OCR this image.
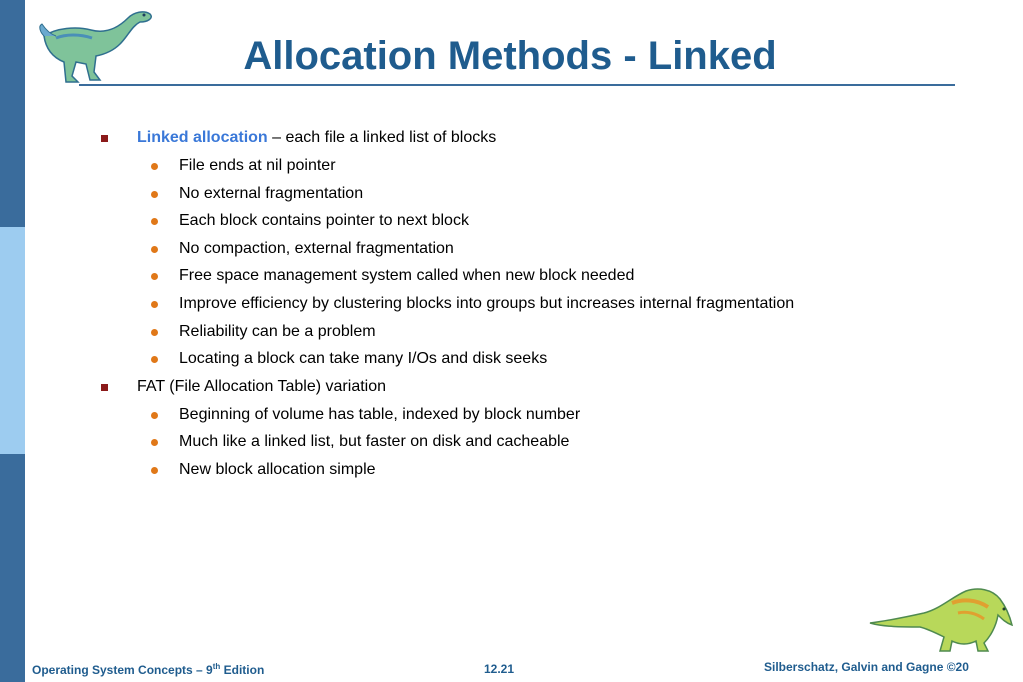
Allocation Methods - Linked
Linked allocation – each file a linked list of blocks
File ends at nil pointer
No external fragmentation
Each block contains pointer to next block
No compaction, external fragmentation
Free space management system called when new block needed
Improve efficiency by clustering blocks into groups but increases internal fragmentation
Reliability can be a problem
Locating a block can take many I/Os and disk seeks
FAT (File Allocation Table) variation
Beginning of volume has table, indexed by block number
Much like a linked list, but faster on disk and cacheable
New block allocation simple
Operating System Concepts – 9th Edition	12.21	Silberschatz, Galvin and Gagne ©20
